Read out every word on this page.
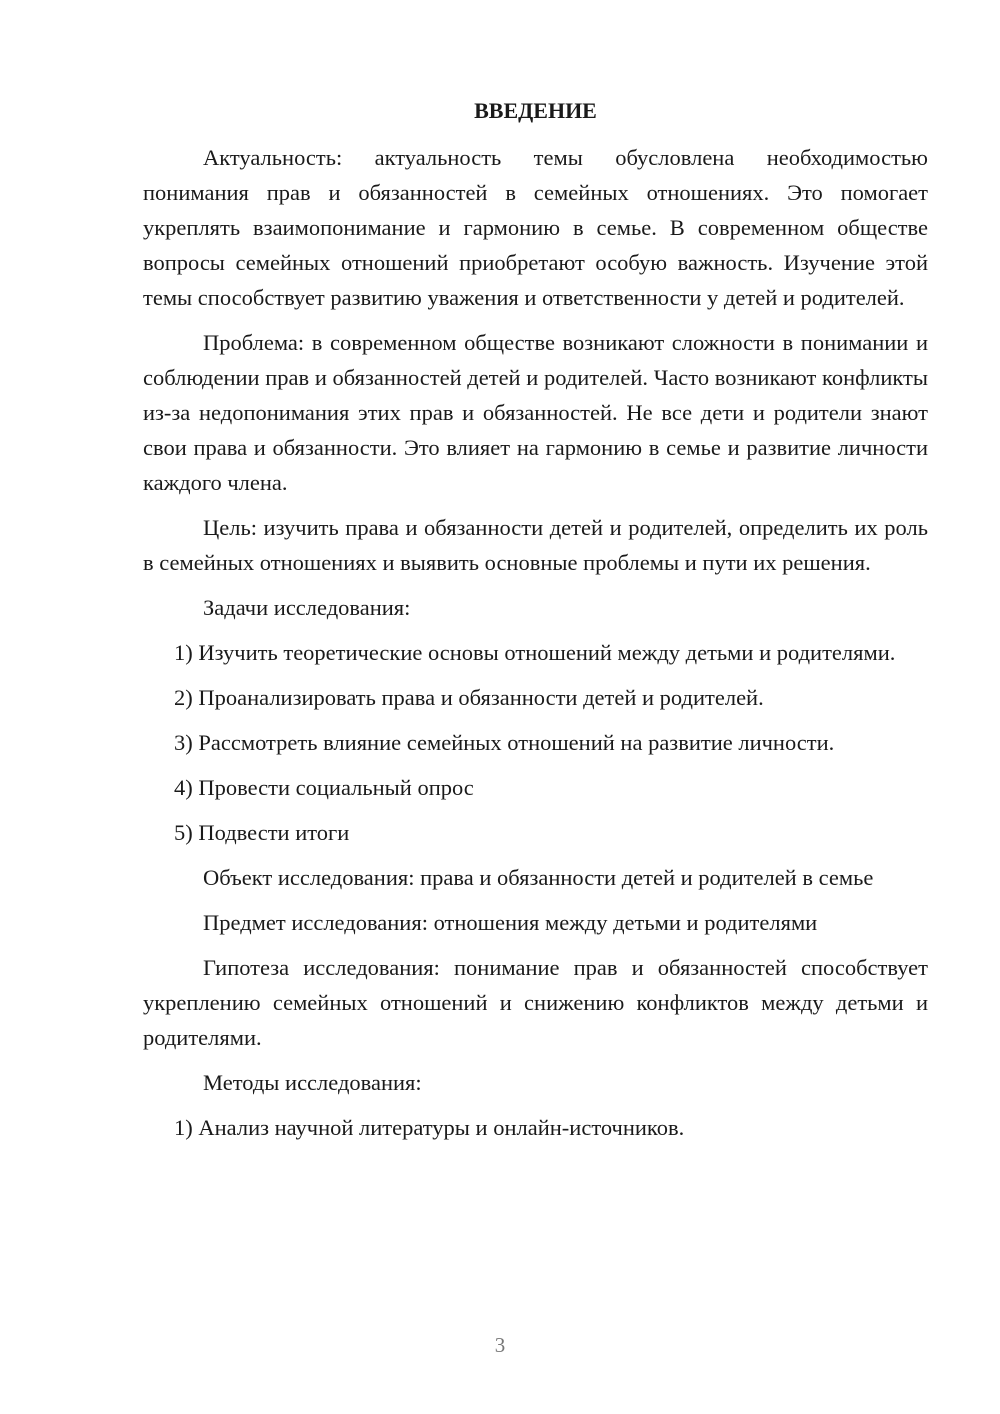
ВВЕДЕНИЕ

Актуальность: актуальность темы обусловлена необходимостью понимания прав и обязанностей в семейных отношениях. Это помогает укреплять взаимопонимание и гармонию в семье. В современном обществе вопросы семейных отношений приобретают особую важность. Изучение этой темы способствует развитию уважения и ответственности у детей и родителей.

Проблема: в современном обществе возникают сложности в понимании и соблюдении прав и обязанностей детей и родителей. Часто возникают конфликты из-за недопонимания этих прав и обязанностей. Не все дети и родители знают свои права и обязанности. Это влияет на гармонию в семье и развитие личности каждого члена.

Цель: изучить права и обязанности детей и родителей, определить их роль в семейных отношениях и выявить основные проблемы и пути их решения.

Задачи исследования:

1) Изучить теоретические основы отношений между детьми и родителями.

2) Проанализировать права и обязанности детей и родителей.

3) Рассмотреть влияние семейных отношений на развитие личности.

4) Провести социальный опрос

5) Подвести итоги

Объект исследования: права и обязанности детей и родителей в семье

Предмет исследования: отношения между детьми и родителями

Гипотеза исследования: понимание прав и обязанностей способствует укреплению семейных отношений и снижению конфликтов между детьми и родителями.

Методы исследования:

1) Анализ научной литературы и онлайн-источников.

3
